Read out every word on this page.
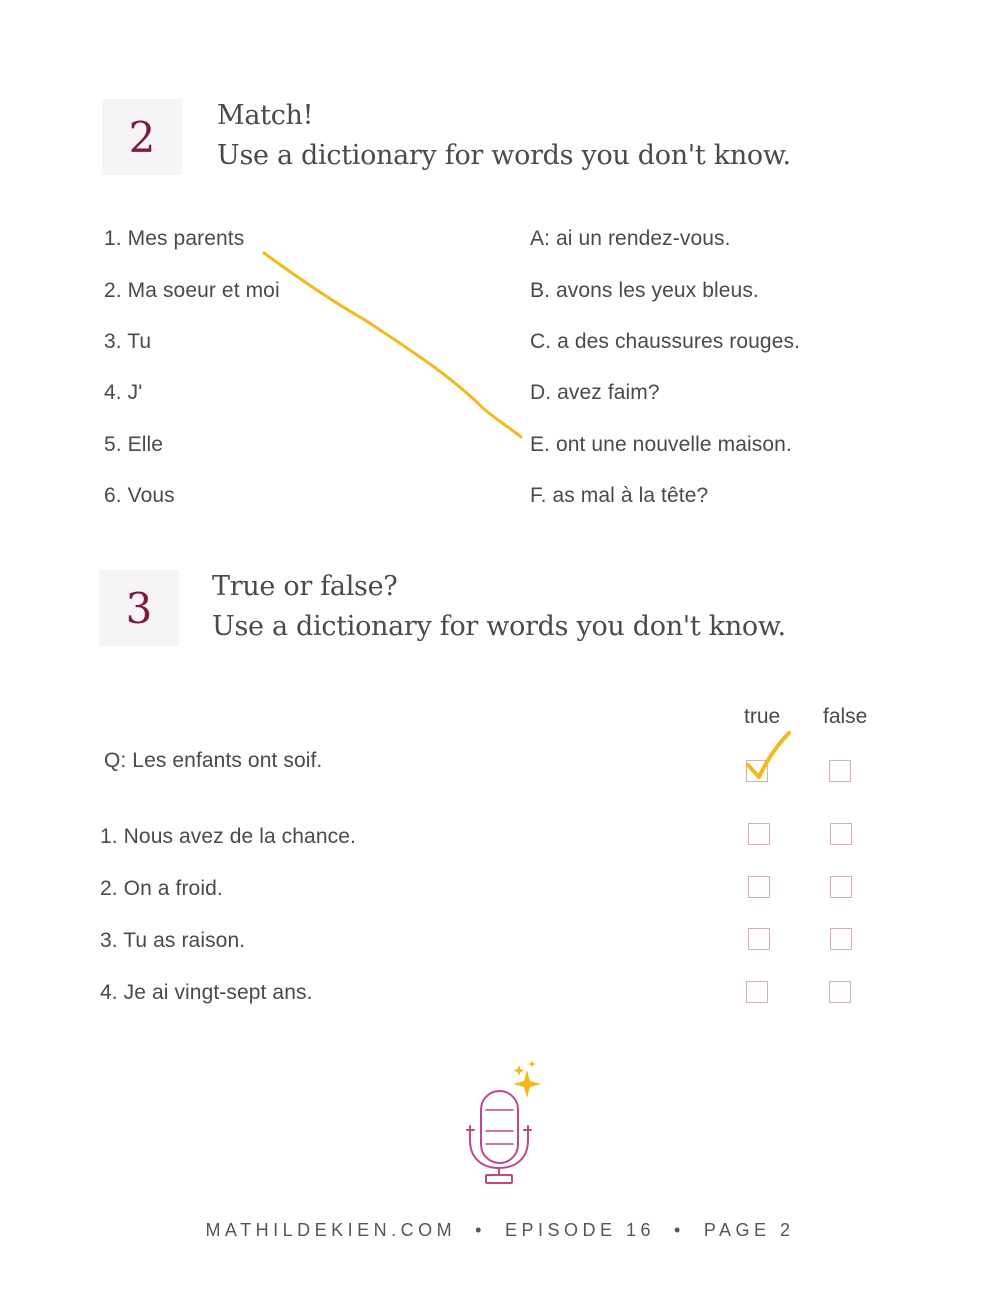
2	Match!
Use a dictionary for words you don't know.
1. Mes parents
2. Ma soeur et moi
3. Tu
4. J'
5. Elle
6. Vous
A: ai un rendez-vous.
B. avons les yeux bleus.
C. a des chaussures rouges.
D. avez faim?
E. ont une nouvelle maison.
F. as mal à la tête?
3	True or false?
Use a dictionary for words you don't know.
true false
Q: Les enfants ont soif.
1. Nous avez de la chance.
2. On a froid.
3. Tu as raison.
4. Je ai vingt-sept ans.
MATHILDEKIEN.COM • EPISODE 16 • PAGE 2
